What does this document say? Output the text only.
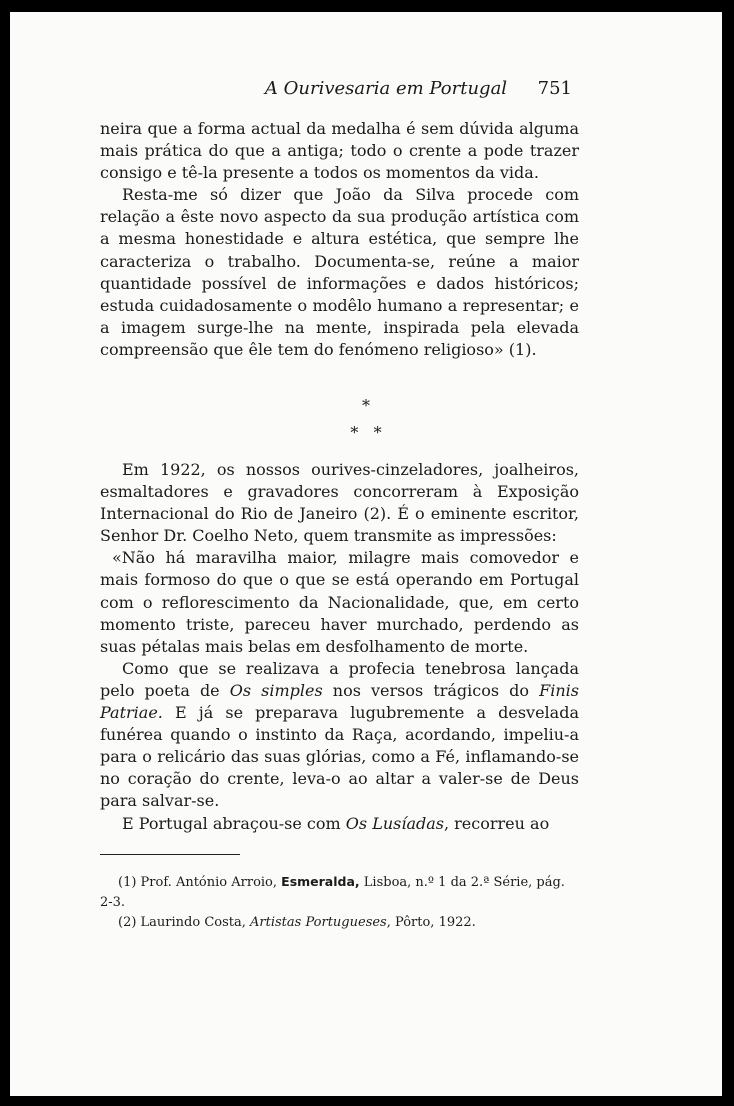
A Ourivesaria em Portugal	751

neira que a forma actual da medalha é sem dúvida alguma mais prática do que a antiga; todo o crente a pode trazer consigo e tê-la presente a todos os momentos da vida.

Resta-me só dizer que João da Silva procede com relação a êste novo aspecto da sua produção artística com a mesma honestidade e altura estética, que sempre lhe caracteriza o trabalho. Documenta-se, reúne a maior quantidade possível de informações e dados históricos; estuda cuidadosamente o modêlo humano a representar; e a imagem surge-lhe na mente, inspirada pela elevada compreensão que êle tem do fenómeno religioso» (1).

*
*   *

Em 1922, os nossos ourives-cinzeladores, joalheiros, esmaltadores e gravadores concorreram à Exposição Internacional do Rio de Janeiro (2). É o eminente escritor, Senhor Dr. Coelho Neto, quem transmite as impressões:

«Não há maravilha maior, milagre mais comovedor e mais formoso do que o que se está operando em Portugal com o reflorescimento da Nacionalidade, que, em certo momento triste, pareceu haver murchado, perdendo as suas pétalas mais belas em desfolhamento de morte.

Como que se realizava a profecia tenebrosa lançada pelo poeta de Os simples nos versos trágicos do Finis Patriae. E já se preparava lugubremente a desvelada funérea quando o instinto da Raça, acordando, impeliu-a para o relicário das suas glórias, como a Fé, inflamando-se no coração do crente, leva-o ao altar a valer-se de Deus para salvar-se.

E Portugal abraçou-se com Os Lusíadas, recorreu ao

(1) Prof. António Arroio, Esmeralda, Lisboa, n.º 1 da 2.ª Série, pág. 2-3.

(2) Laurindo Costa, Artistas Portugueses, Pôrto, 1922.
